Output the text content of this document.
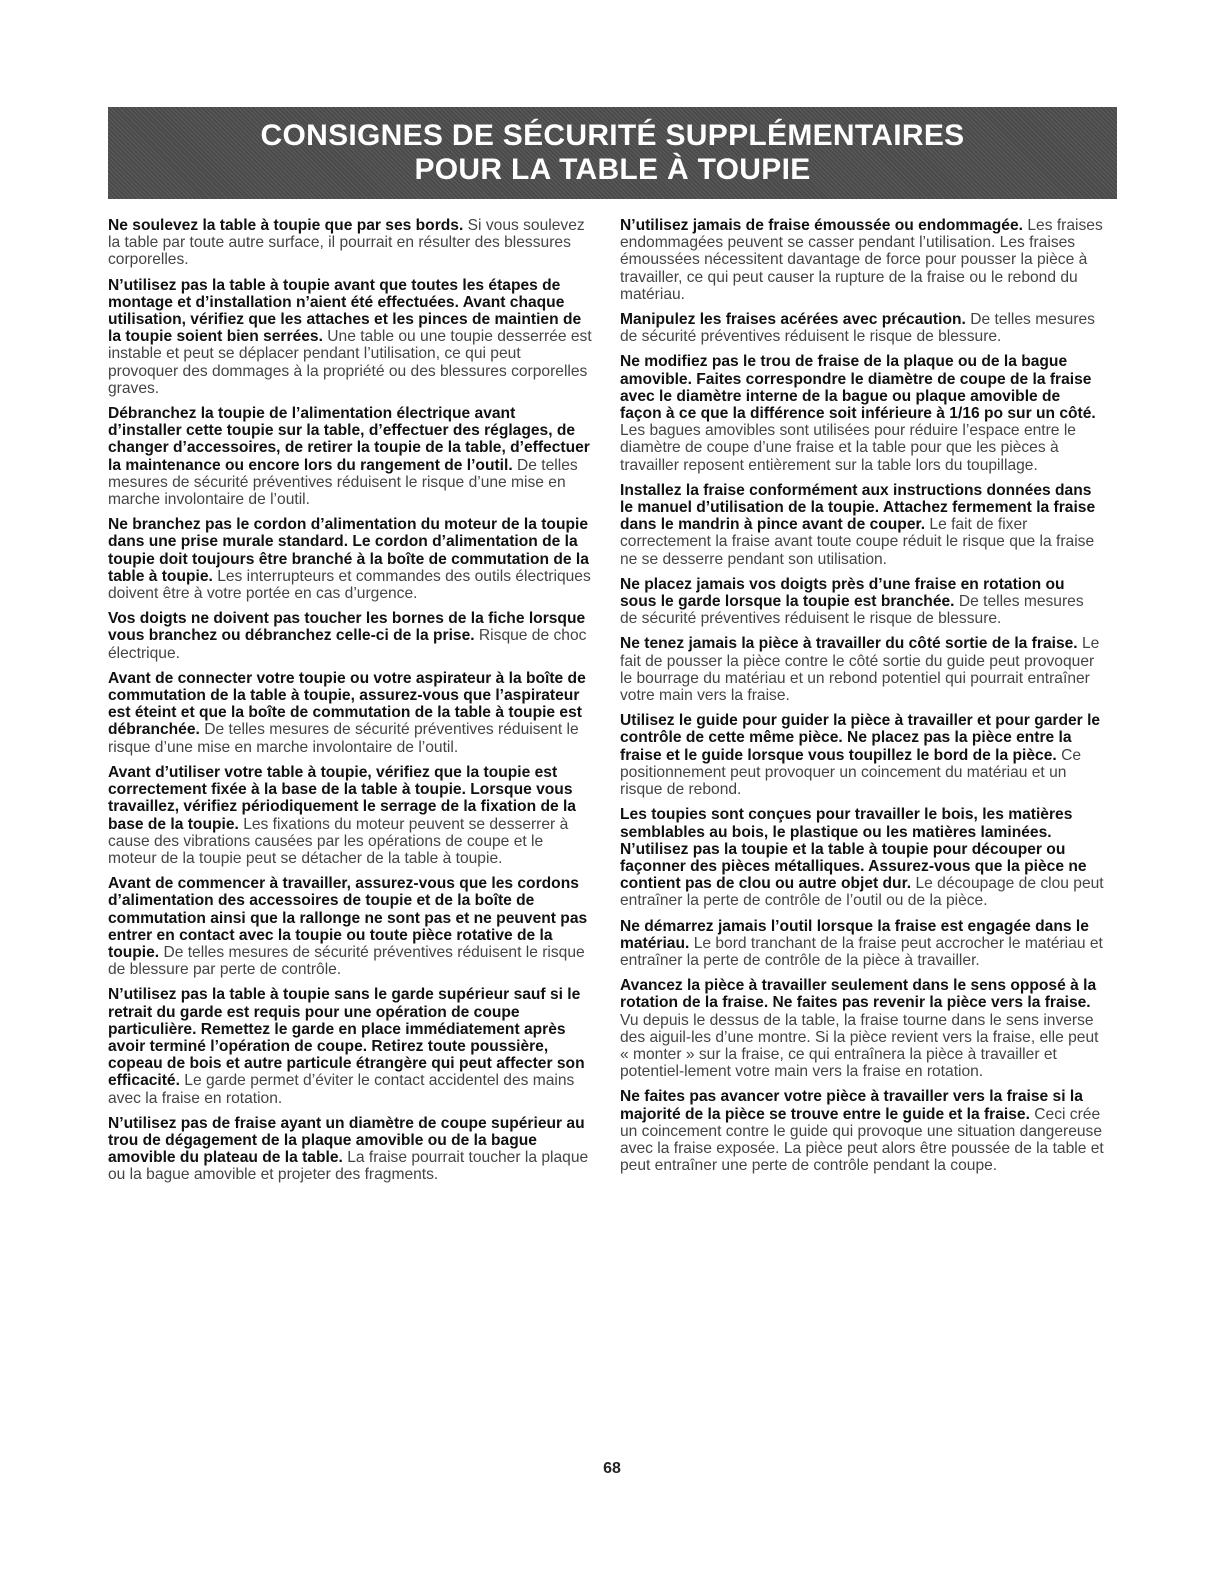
CONSIGNES DE SÉCURITÉ SUPPLÉMENTAIRES
POUR LA TABLE À TOUPIE

Ne soulevez la table à toupie que par ses bords. Si vous soulevez la table par toute autre surface, il pourrait en résulter des blessures corporelles.

N’utilisez pas la table à toupie avant que toutes les étapes de montage et d’installation n’aient été effectuées. Avant chaque utilisation, vérifiez que les attaches et les pinces de maintien de la toupie soient bien serrées. Une table ou une toupie desserrée est instable et peut se déplacer pendant l’utilisation, ce qui peut provoquer des dommages à la propriété ou des blessures corporelles graves.

Débranchez la toupie de l’alimentation électrique avant d’installer cette toupie sur la table, d’effectuer des réglages, de changer d’accessoires, de retirer la toupie de la table, d’effectuer la maintenance ou encore lors du rangement de l’outil. De telles mesures de sécurité préventives réduisent le risque d’une mise en marche involontaire de l’outil.

Ne branchez pas le cordon d’alimentation du moteur de la toupie dans une prise murale standard. Le cordon d’alimentation de la toupie doit toujours être branché à la boîte de commutation de la table à toupie. Les interrupteurs et commandes des outils électriques doivent être à votre portée en cas d’urgence.

Vos doigts ne doivent pas toucher les bornes de la fiche lorsque vous branchez ou débranchez celle-ci de la prise. Risque de choc électrique.

Avant de connecter votre toupie ou votre aspirateur à la boîte de commutation de la table à toupie, assurez-vous que l’aspirateur est éteint et que la boîte de commutation de la table à toupie est débranchée. De telles mesures de sécurité préventives réduisent le risque d’une mise en marche involontaire de l’outil.

Avant d’utiliser votre table à toupie, vérifiez que la toupie est correctement fixée à la base de la table à toupie. Lorsque vous travaillez, vérifiez périodiquement le serrage de la fixation de la base de la toupie. Les fixations du moteur peuvent se desserrer à cause des vibrations causées par les opérations de coupe et le moteur de la toupie peut se détacher de la table à toupie.

Avant de commencer à travailler, assurez-vous que les cordons d’alimentation des accessoires de toupie et de la boîte de commutation ainsi que la rallonge ne sont pas et ne peuvent pas entrer en contact avec la toupie ou toute pièce rotative de la toupie. De telles mesures de sécurité préventives réduisent le risque de blessure par perte de contrôle.

N’utilisez pas la table à toupie sans le garde supérieur sauf si le retrait du garde est requis pour une opération de coupe particulière. Remettez le garde en place immédiatement après avoir terminé l’opération de coupe. Retirez toute poussière, copeau de bois et autre particule étrangère qui peut affecter son efficacité. Le garde permet d’éviter le contact accidentel des mains avec la fraise en rotation.

N’utilisez pas de fraise ayant un diamètre de coupe supérieur au trou de dégagement de la plaque amovible ou de la bague amovible du plateau de la table. La fraise pourrait toucher la plaque ou la bague amovible et projeter des fragments.

N’utilisez jamais de fraise émoussée ou endommagée. Les fraises endommagées peuvent se casser pendant l’utilisation. Les fraises émoussées nécessitent davantage de force pour pousser la pièce à travailler, ce qui peut causer la rupture de la fraise ou le rebond du matériau.

Manipulez les fraises acérées avec précaution. De telles mesures de sécurité préventives réduisent le risque de blessure.

Ne modifiez pas le trou de fraise de la plaque ou de la bague amovible. Faites correspondre le diamètre de coupe de la fraise avec le diamètre interne de la bague ou plaque amovible de façon à ce que la différence soit inférieure à 1/16 po sur un côté. Les bagues amovibles sont utilisées pour réduire l’espace entre le diamètre de coupe d’une fraise et la table pour que les pièces à travailler reposent entièrement sur la table lors du toupillage.

Installez la fraise conformément aux instructions données dans le manuel d’utilisation de la toupie. Attachez fermement la fraise dans le mandrin à pince avant de couper. Le fait de fixer correctement la fraise avant toute coupe réduit le risque que la fraise ne se desserre pendant son utilisation.

Ne placez jamais vos doigts près d’une fraise en rotation ou sous le garde lorsque la toupie est branchée. De telles mesures de sécurité préventives réduisent le risque de blessure.

Ne tenez jamais la pièce à travailler du côté sortie de la fraise. Le fait de pousser la pièce contre le côté sortie du guide peut provoquer le bourrage du matériau et un rebond potentiel qui pourrait entraîner votre main vers la fraise.

Utilisez le guide pour guider la pièce à travailler et pour garder le contrôle de cette même pièce. Ne placez pas la pièce entre la fraise et le guide lorsque vous toupillez le bord de la pièce. Ce positionnement peut provoquer un coincement du matériau et un risque de rebond.

Les toupies sont conçues pour travailler le bois, les matières semblables au bois, le plastique ou les matières laminées. N’utilisez pas la toupie et la table à toupie pour découper ou façonner des pièces métalliques. Assurez-vous que la pièce ne contient pas de clou ou autre objet dur. Le découpage de clou peut entraîner la perte de contrôle de l’outil ou de la pièce.

Ne démarrez jamais l’outil lorsque la fraise est engagée dans le matériau. Le bord tranchant de la fraise peut accrocher le matériau et entraîner la perte de contrôle de la pièce à travailler.

Avancez la pièce à travailler seulement dans le sens opposé à la rotation de la fraise. Ne faites pas revenir la pièce vers la fraise. Vu depuis le dessus de la table, la fraise tourne dans le sens inverse des aiguil-les d’une montre. Si la pièce revient vers la fraise, elle peut « monter » sur la fraise, ce qui entraînera la pièce à travailler et potentiel-lement votre main vers la fraise en rotation.

Ne faites pas avancer votre pièce à travailler vers la fraise si la majorité de la pièce se trouve entre le guide et la fraise. Ceci crée un coincement contre le guide qui provoque une situation dangereuse avec la fraise exposée. La pièce peut alors être poussée de la table et peut entraîner une perte de contrôle pendant la coupe.

68
